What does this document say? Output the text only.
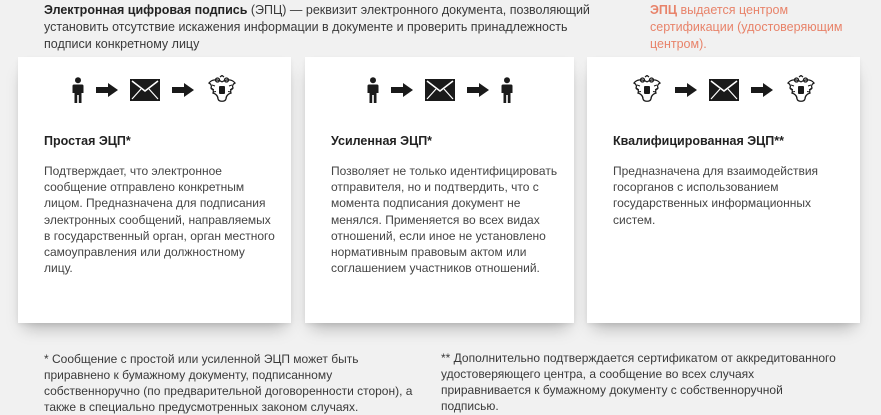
Электронная цифровая подпись (ЭПЦ) — реквизит электронного документа, позволяющий установить отсутствие искажения информации в документе и проверить принадлежность подписи конкретному лицу

ЭПЦ выдается центром сертификации (удостоверяющим центром).

Простая ЭЦП*
Подтверждает, что электронное сообщение отправлено конкретным лицом. Предназначена для подписания электронных сообщений, направляемых в государственный орган, орган местного самоуправления или должностному лицу.
Усиленная ЭЦП*
Позволяет не только идентифицировать отправителя, но и подтвердить, что с момента подписания документ не менялся. Применяется во всех видах отношений, если иное не установлено нормативным правовым актом или соглашением участников отношений.
Квалифицированная ЭЦП**
Предназначена для взаимодействия госорганов с использованием государственных информационных систем.

* Сообщение с простой или усиленной ЭЦП может быть приравнено к бумажному документу, подписанному собственноручно (по предварительной договоренности сторон), а также в специально предусмотренных законом случаях.

** Дополнительно подтверждается сертификатом от аккредитованного удостоверяющего центра, а сообщение во всех случаях приравнивается к бумажному документу с собственноручной подписью.
